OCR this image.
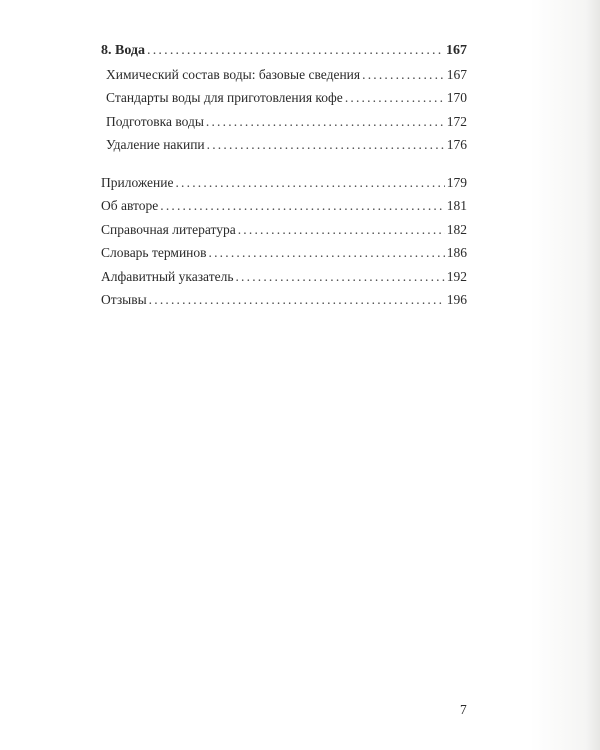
8. Вода .....	167
Химический состав воды: базовые сведения .....	167
Стандарты воды для приготовления кофе .....	170
Подготовка воды .....	172
Удаление накипи .....	176
Приложение .....	179
Об авторе .....	181
Справочная литература .....	182
Словарь терминов .....	186
Алфавитный указатель .....	192
Отзывы .....	196
7
